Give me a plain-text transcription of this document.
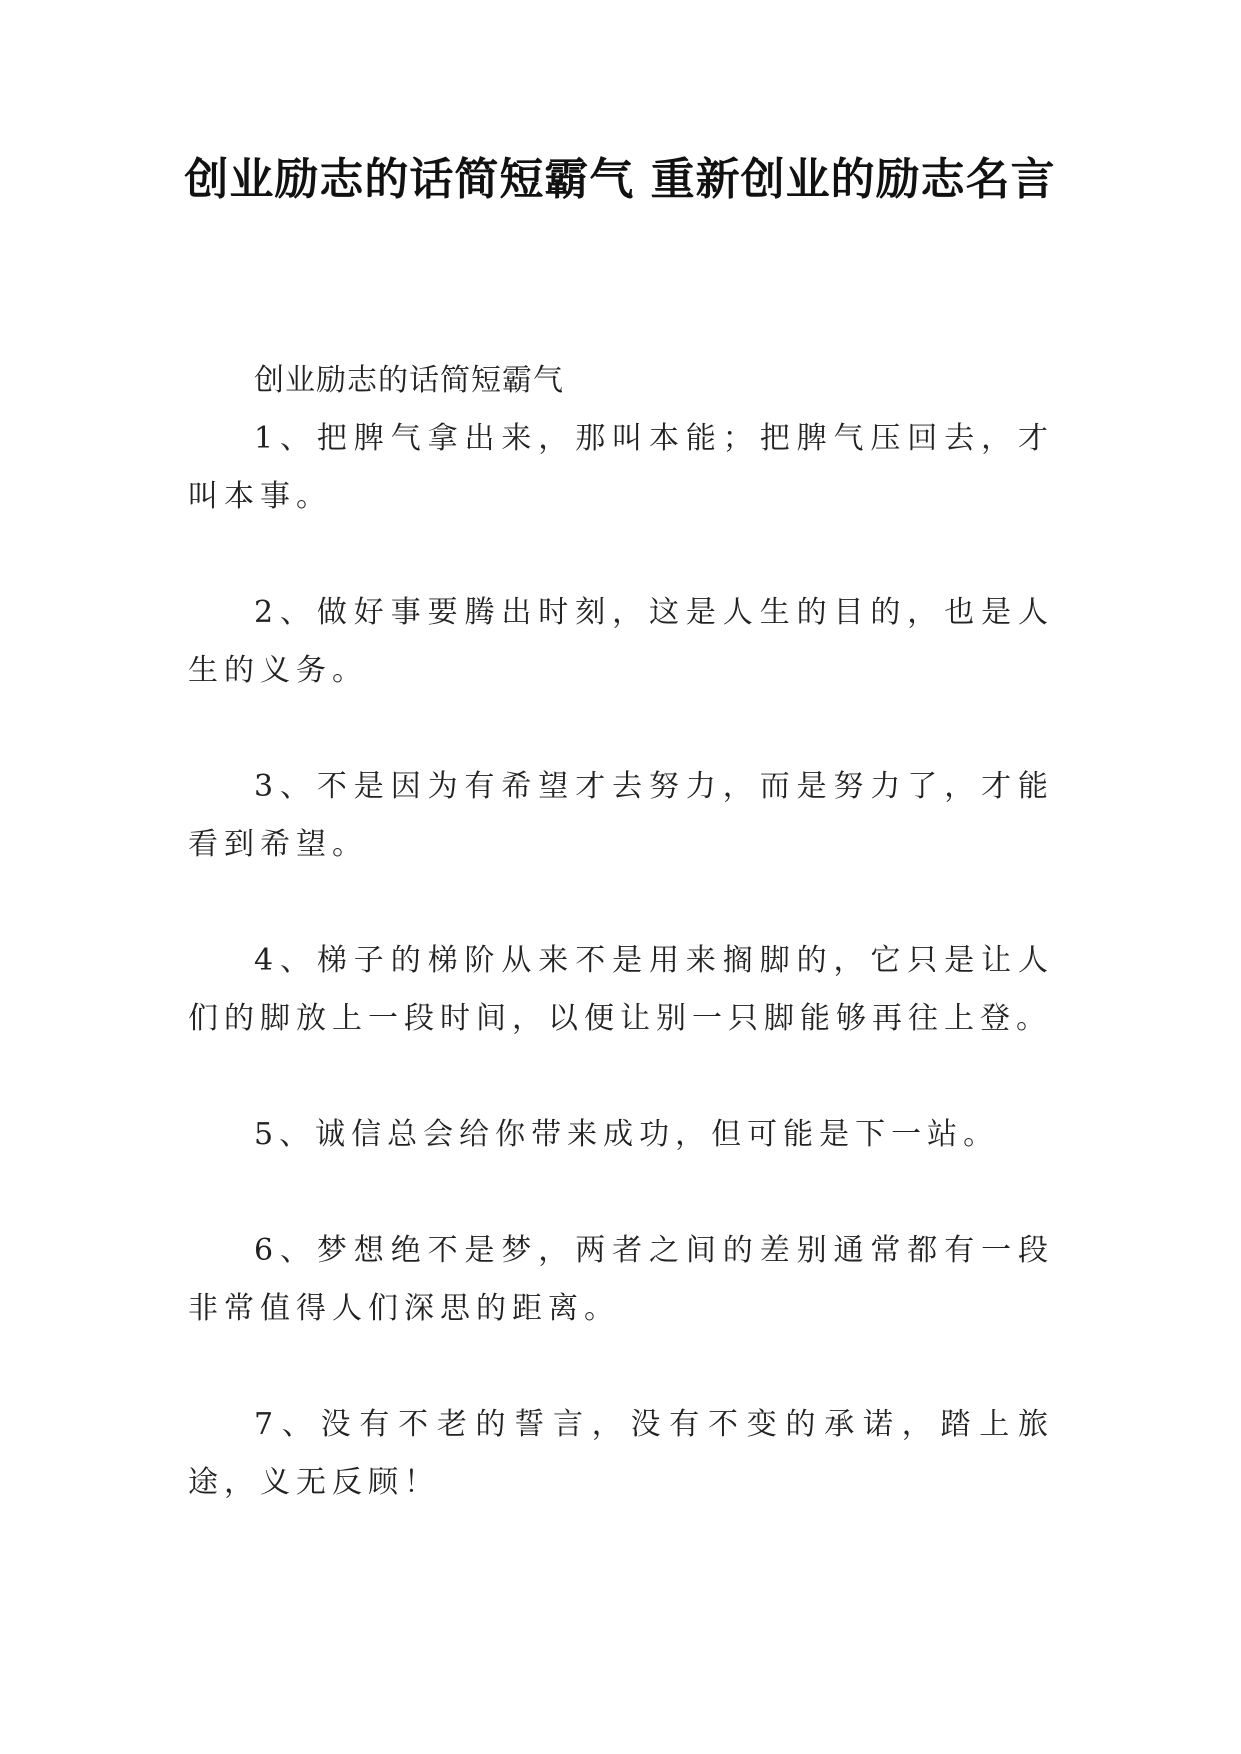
创业励志的话简短霸气 重新创业的励志名言

创业励志的话简短霸气

1、把脾气拿出来，那叫本能；把脾气压回去，才叫本事。

2、做好事要腾出时刻，这是人生的目的，也是人生的义务。

3、不是因为有希望才去努力，而是努力了，才能看到希望。

4、梯子的梯阶从来不是用来搁脚的，它只是让人们的脚放上一段时间，以便让别一只脚能够再往上登。

5、诚信总会给你带来成功，但可能是下一站。

6、梦想绝不是梦，两者之间的差别通常都有一段非常值得人们深思的距离。

7、没有不老的誓言，没有不变的承诺，踏上旅途，义无反顾！
